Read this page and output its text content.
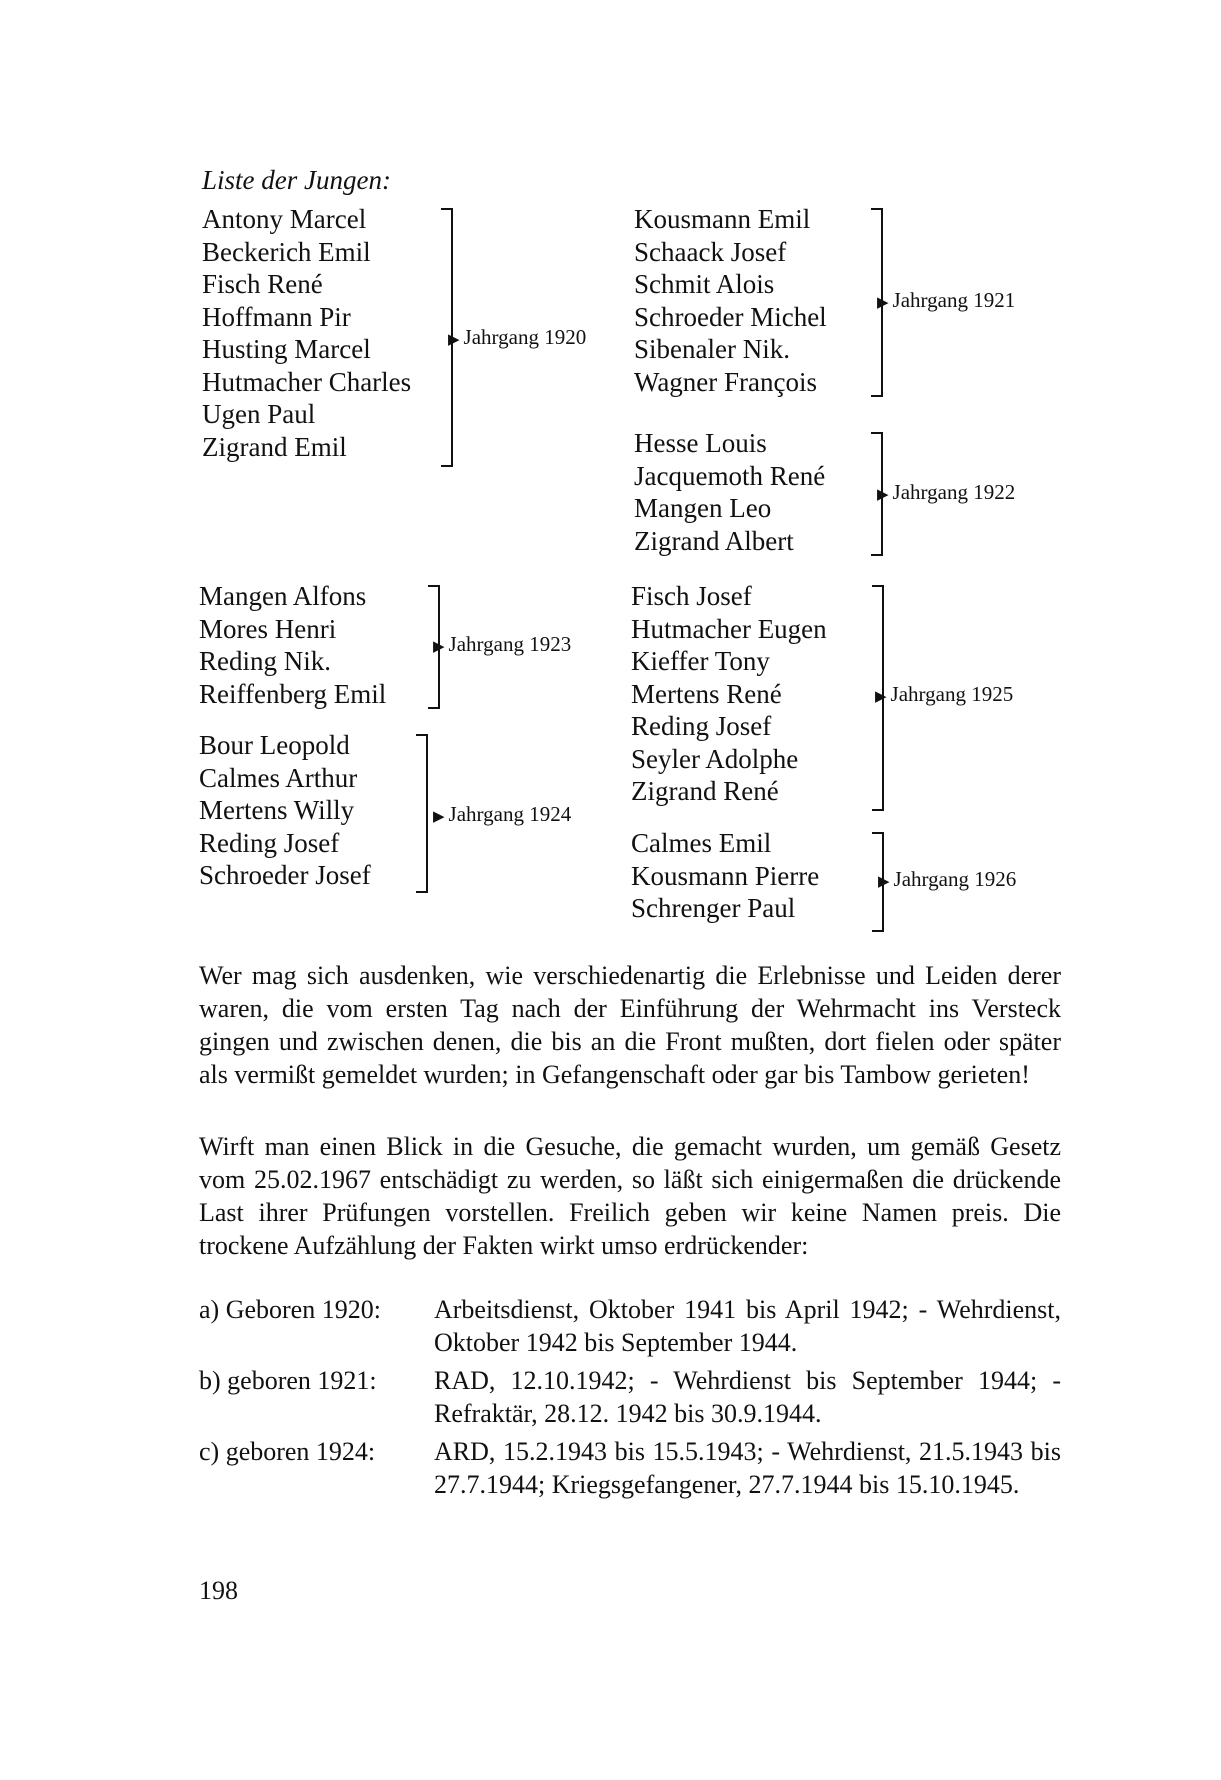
Liste der Jungen:
Antony Marcel
Beckerich Emil
Fisch René
Hoffmann Pir
Husting Marcel
Hutmacher Charles
Ugen Paul
Zigrand Emil
▶ Jahrgang 1920
Kousmann Emil
Schaack Josef
Schmit Alois
Schroeder Michel
Sibenaler Nik.
Wagner François
▶ Jahrgang 1921
Hesse Louis
Jacquemoth René
Mangen Leo
Zigrand Albert
▶ Jahrgang 1922
Mangen Alfons
Mores Henri
Reding Nik.
Reiffenberg Emil
▶ Jahrgang 1923
Bour Leopold
Calmes Arthur
Mertens Willy
Reding Josef
Schroeder Josef
▶ Jahrgang 1924
Fisch Josef
Hutmacher Eugen
Kieffer Tony
Mertens René
Reding Josef
Seyler Adolphe
Zigrand René
▶ Jahrgang 1925
Calmes Emil
Kousmann Pierre
Schrenger Paul
▶ Jahrgang 1926
Wer mag sich ausdenken, wie verschiedenartig die Erlebnisse und Leiden derer waren, die vom ersten Tag nach der Einführung der Wehrmacht ins Versteck gingen und zwischen denen, die bis an die Front mußten, dort fielen oder später als vermißt gemeldet wurden; in Gefangenschaft oder gar bis Tambow gerieten!
Wirft man einen Blick in die Gesuche, die gemacht wurden, um gemäß Gesetz vom 25.02.1967 entschädigt zu werden, so läßt sich einigermaßen die drückende Last ihrer Prüfungen vorstellen. Freilich geben wir keine Namen preis. Die trockene Aufzählung der Fakten wirkt umso erdrückender:
a) Geboren 1920: Arbeitsdienst, Oktober 1941 bis April 1942; - Wehrdienst, Oktober 1942 bis September 1944.
b) geboren 1921: RAD, 12.10.1942; - Wehrdienst bis September 1944; - Refraktär, 28.12. 1942 bis 30.9.1944.
c) geboren 1924: ARD, 15.2.1943 bis 15.5.1943; - Wehrdienst, 21.5.1943 bis 27.7.1944; Kriegsgefangener, 27.7.1944 bis 15.10.1945.
198
